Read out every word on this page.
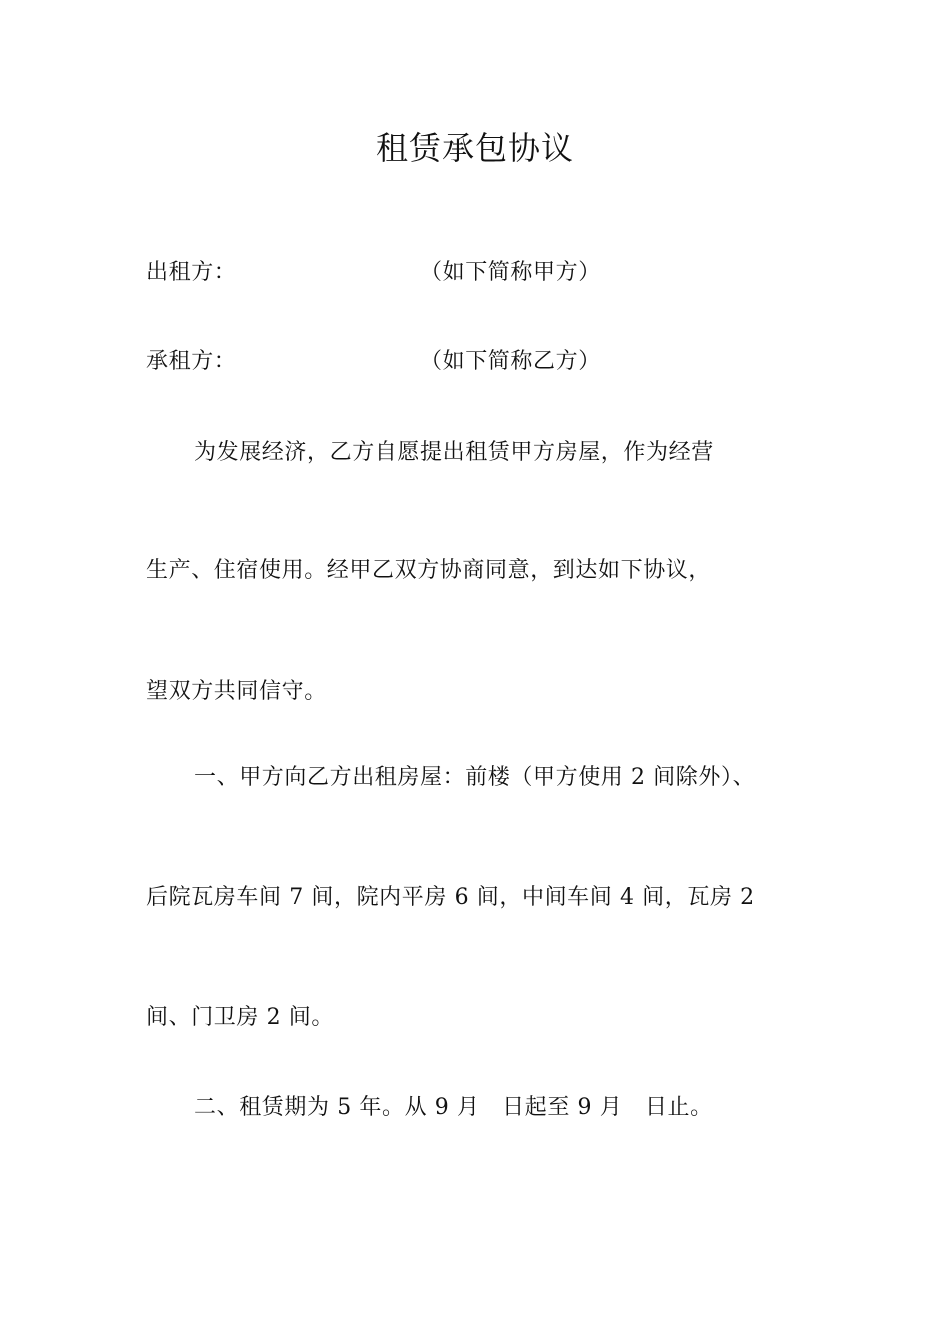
租赁承包协议
出租方：	（如下简称甲方）
承租方：	（如下简称乙方）
为发展经济，乙方自愿提出租赁甲方房屋，作为经营
生产、住宿使用。经甲乙双方协商同意，到达如下协议，
望双方共同信守。
一、甲方向乙方出租房屋：前楼（甲方使用 2 间除外）、
后院瓦房车间 7 间，院内平房 6 间，中间车间 4 间，瓦房 2
间、门卫房 2 间。
二、租赁期为 5 年。从 9 月　日起至 9 月　日止。
